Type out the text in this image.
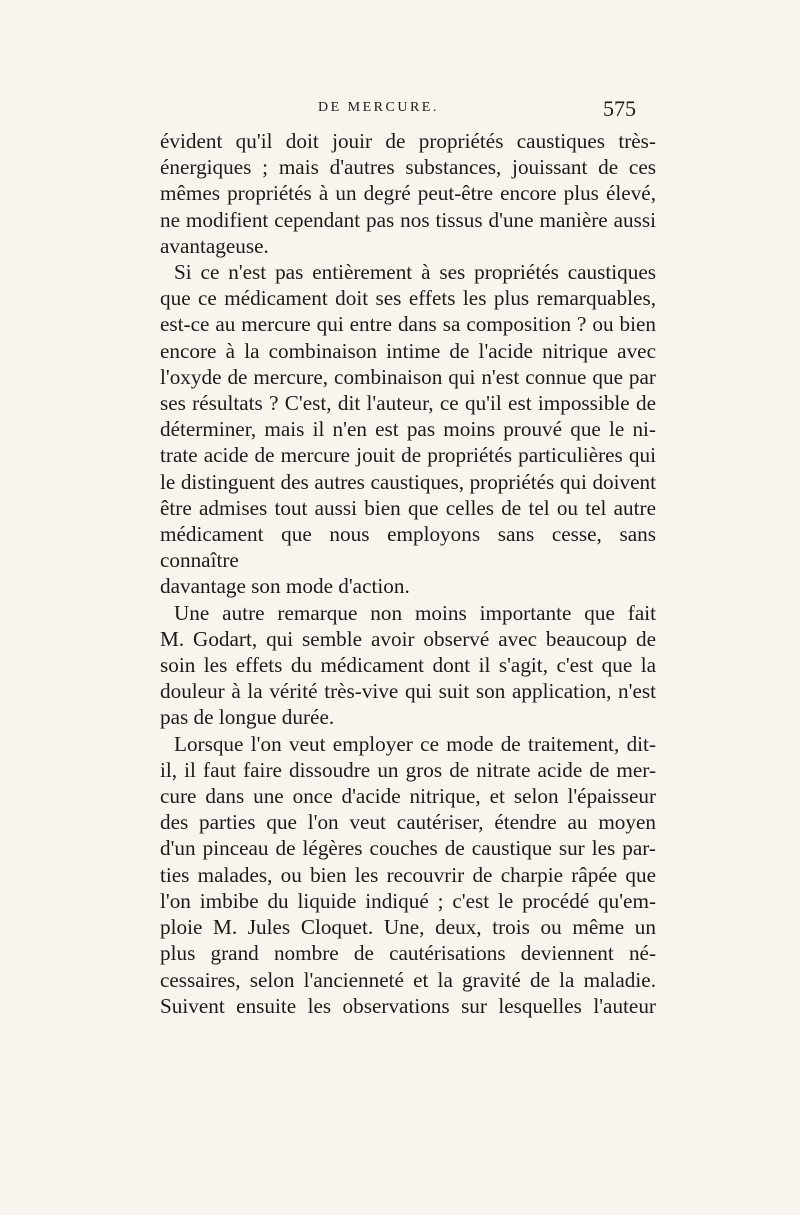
DE MERCURE.	575
évident qu'il doit jouir de propriétés caustiques très-
énergiques ; mais d'autres substances, jouissant de ces
mêmes propriétés à un degré peut-être encore plus élevé,
ne modifient cependant pas nos tissus d'une manière aussi
avantageuse.
Si ce n'est pas entièrement à ses propriétés caustiques
que ce médicament doit ses effets les plus remarquables,
est-ce au mercure qui entre dans sa composition ? ou bien
encore à la combinaison intime de l'acide nitrique avec
l'oxyde de mercure, combinaison qui n'est connue que par
ses résultats ? C'est, dit l'auteur, ce qu'il est impossible de
déterminer, mais il n'en est pas moins prouvé que le ni-
trate acide de mercure jouit de propriétés particulières qui
le distinguent des autres caustiques, propriétés qui doivent
être admises tout aussi bien que celles de tel ou tel autre
médicament que nous employons sans cesse, sans connaître
davantage son mode d'action.
Une autre remarque non moins importante que fait
M. Godart, qui semble avoir observé avec beaucoup de
soin les effets du médicament dont il s'agit, c'est que la
douleur à la vérité très-vive qui suit son application, n'est
pas de longue durée.
Lorsque l'on veut employer ce mode de traitement, dit-
il, il faut faire dissoudre un gros de nitrate acide de mer-
cure dans une once d'acide nitrique, et selon l'épaisseur
des parties que l'on veut cautériser, étendre au moyen
d'un pinceau de légères couches de caustique sur les par-
ties malades, ou bien les recouvrir de charpie râpée que
l'on imbibe du liquide indiqué ; c'est le procédé qu'em-
ploie M. Jules Cloquet. Une, deux, trois ou même un
plus grand nombre de cautérisations deviennent né-
cessaires, selon l'ancienneté et la gravité de la maladie.
Suivent ensuite les observations sur lesquelles l'auteur
